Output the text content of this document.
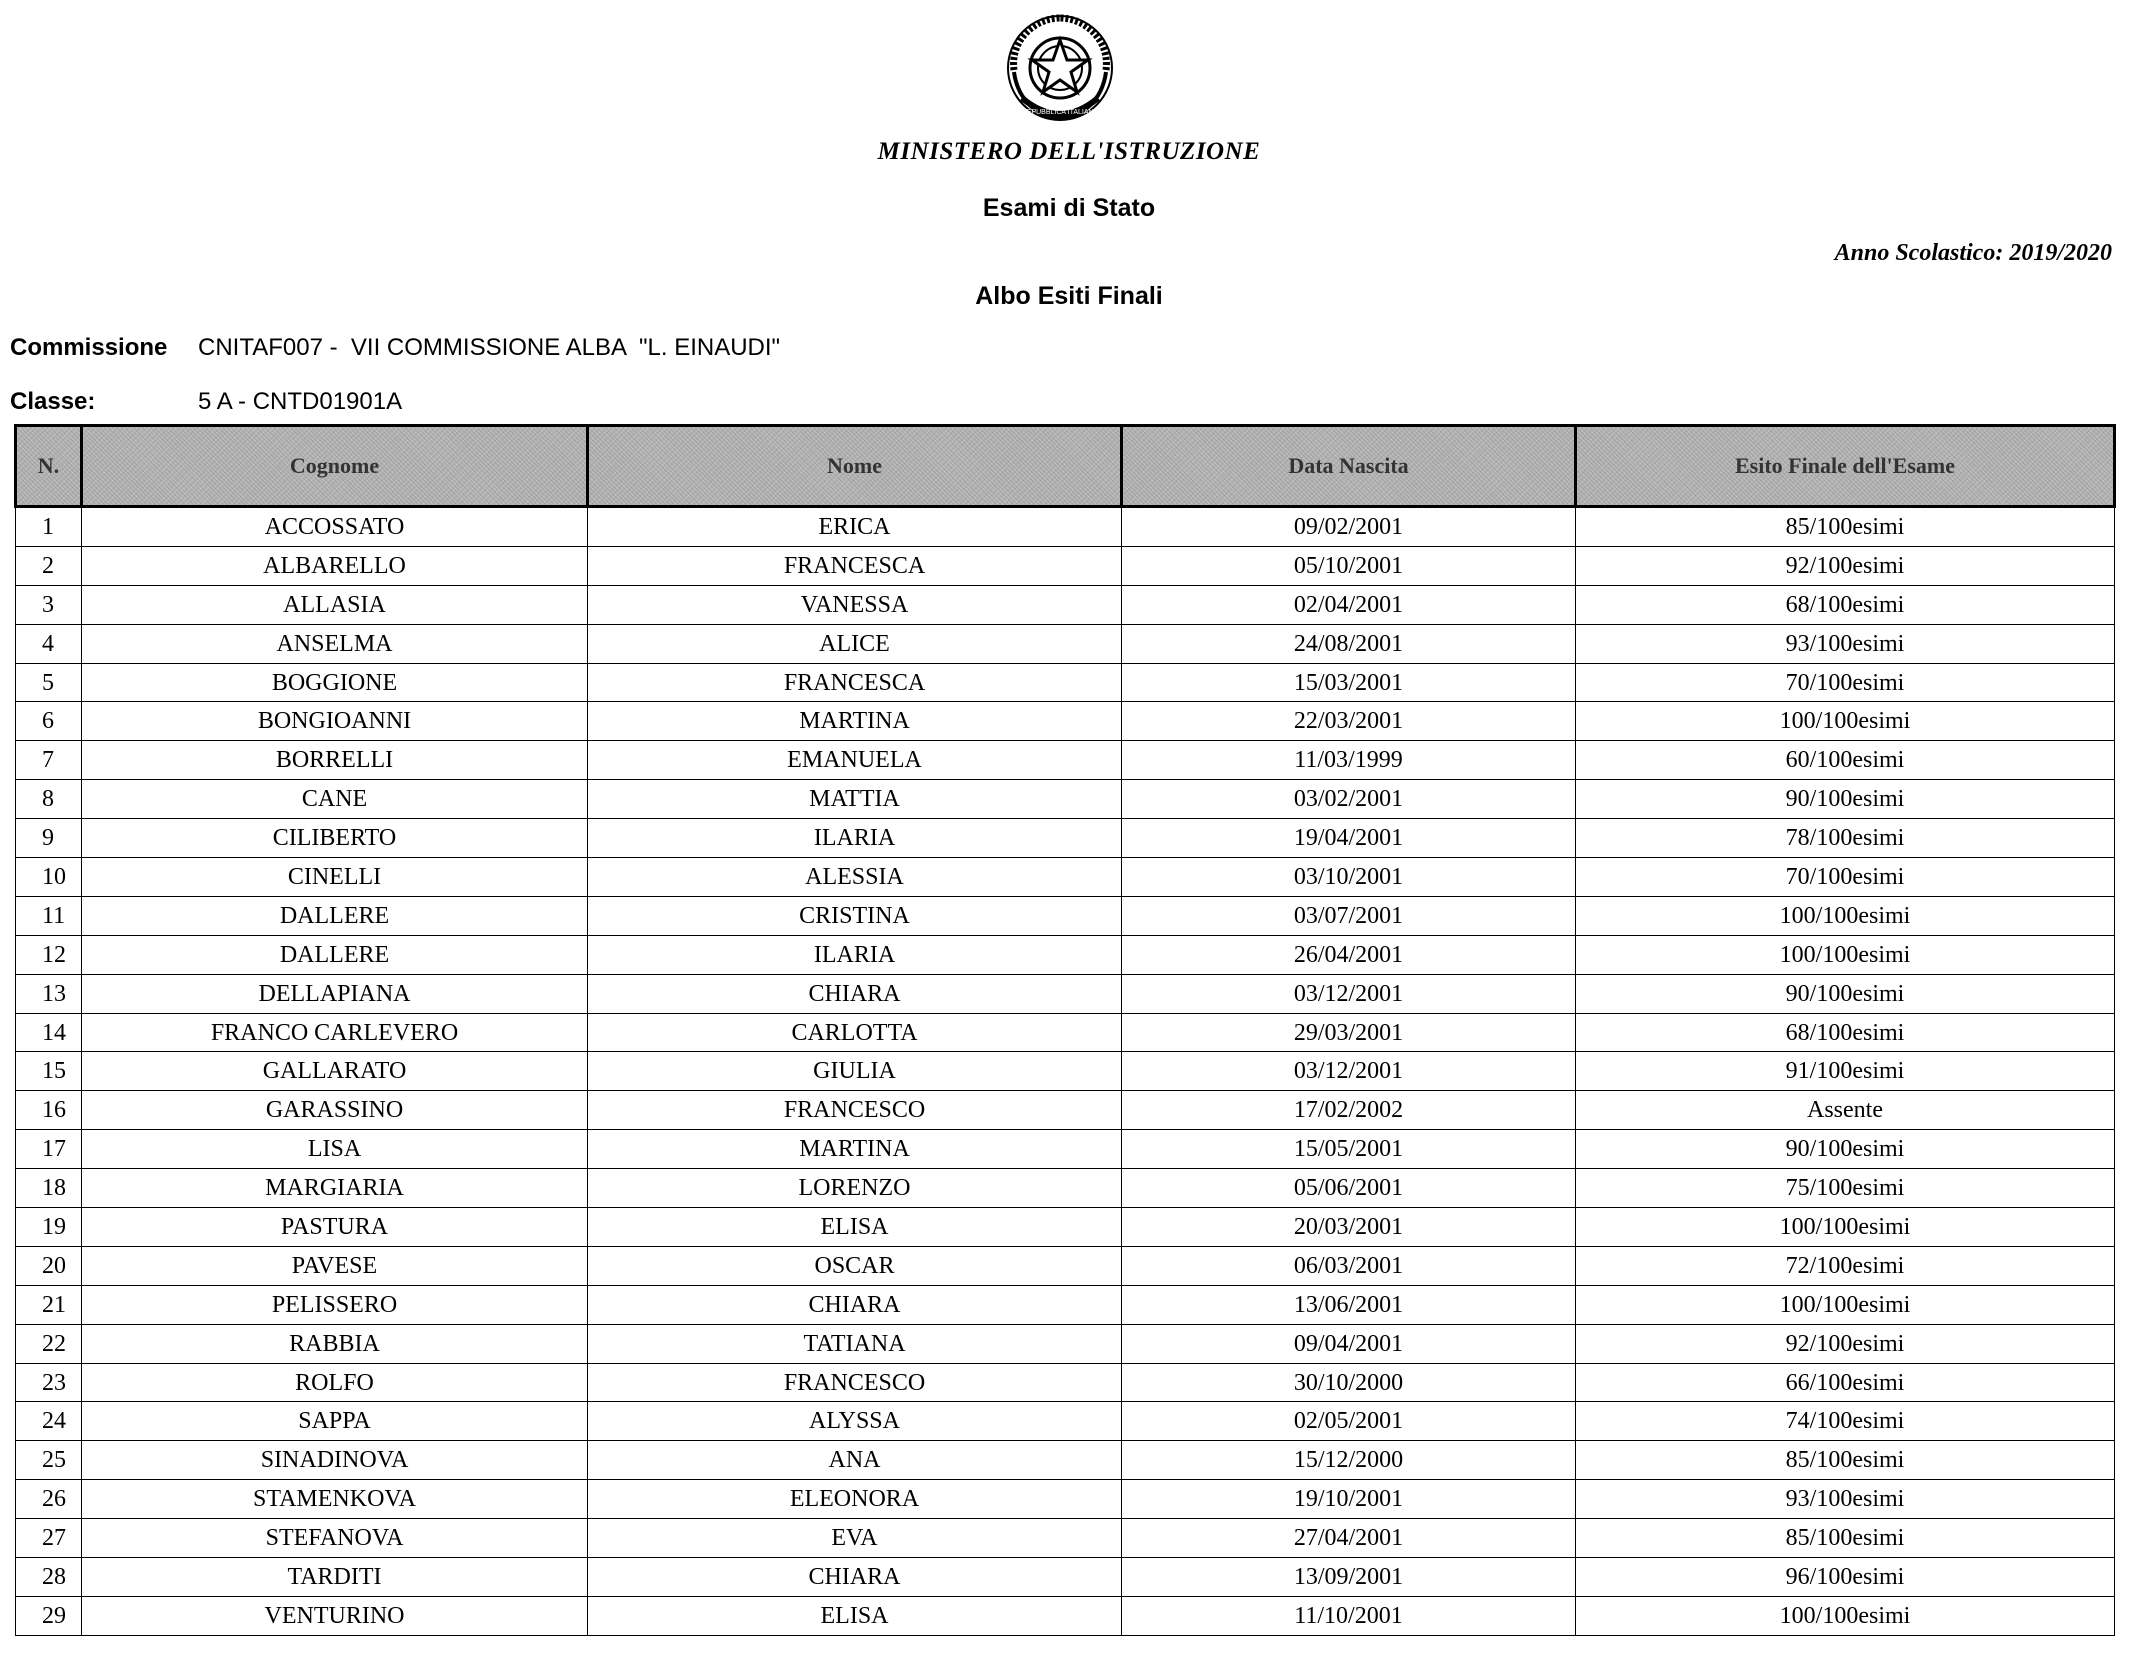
REPUBBLICA ITALIANA
MINISTERO DELL'ISTRUZIONE
Esami di Stato
Anno Scolastico: 2019/2020
Albo Esiti Finali
Commissione CNITAF007 -  VII COMMISSIONE ALBA  "L. EINAUDI"
Classe:	5 A - CNTD01901A
N.	Cognome	Nome	Data Nascita	Esito Finale dell'Esame
1	ACCOSSATO	ERICA	09/02/2001	85/100esimi
2	ALBARELLO	FRANCESCA	05/10/2001	92/100esimi
3	ALLASIA	VANESSA	02/04/2001	68/100esimi
4	ANSELMA	ALICE	24/08/2001	93/100esimi
5	BOGGIONE	FRANCESCA	15/03/2001	70/100esimi
6	BONGIOANNI	MARTINA	22/03/2001	100/100esimi
7	BORRELLI	EMANUELA	11/03/1999	60/100esimi
8	CANE	MATTIA	03/02/2001	90/100esimi
9	CILIBERTO	ILARIA	19/04/2001	78/100esimi
10	CINELLI	ALESSIA	03/10/2001	70/100esimi
11	DALLERE	CRISTINA	03/07/2001	100/100esimi
12	DALLERE	ILARIA	26/04/2001	100/100esimi
13	DELLAPIANA	CHIARA	03/12/2001	90/100esimi
14	FRANCO CARLEVERO	CARLOTTA	29/03/2001	68/100esimi
15	GALLARATO	GIULIA	03/12/2001	91/100esimi
16	GARASSINO	FRANCESCO	17/02/2002	Assente
17	LISA	MARTINA	15/05/2001	90/100esimi
18	MARGIARIA	LORENZO	05/06/2001	75/100esimi
19	PASTURA	ELISA	20/03/2001	100/100esimi
20	PAVESE	OSCAR	06/03/2001	72/100esimi
21	PELISSERO	CHIARA	13/06/2001	100/100esimi
22	RABBIA	TATIANA	09/04/2001	92/100esimi
23	ROLFO	FRANCESCO	30/10/2000	66/100esimi
24	SAPPA	ALYSSA	02/05/2001	74/100esimi
25	SINADINOVA	ANA	15/12/2000	85/100esimi
26	STAMENKOVA	ELEONORA	19/10/2001	93/100esimi
27	STEFANOVA	EVA	27/04/2001	85/100esimi
28	TARDITI	CHIARA	13/09/2001	96/100esimi
29	VENTURINO	ELISA	11/10/2001	100/100esimi
